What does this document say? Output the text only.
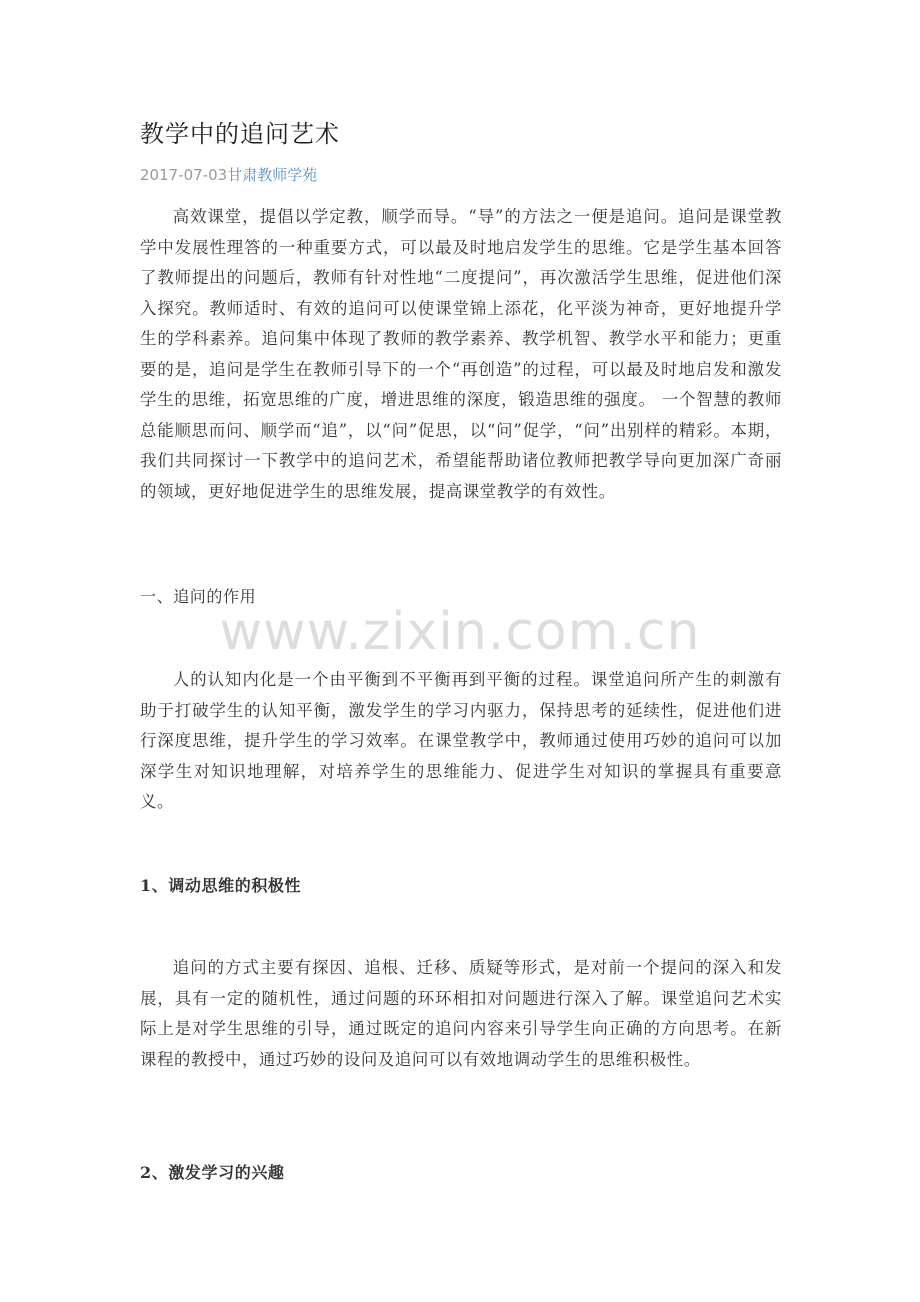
教学中的追问艺术
2017-07-03甘肃教师学苑

高效课堂，提倡以学定教，顺学而导。“导”的方法之一便是追问。追问是课堂教学中发展性理答的一种重要方式，可以最及时地启发学生的思维。它是学生基本回答了教师提出的问题后，教师有针对性地“二度提问”，再次激活学生思维，促进他们深入探究。教师适时、有效的追问可以使课堂锦上添花，化平淡为神奇，更好地提升学生的学科素养。追问集中体现了教师的教学素养、教学机智、教学水平和能力；更重要的是，追问是学生在教师引导下的一个“再创造”的过程，可以最及时地启发和激发学生的思维，拓宽思维的广度，增进思维的深度，锻造思维的强度。 一个智慧的教师总能顺思而问、顺学而“追”，以“问”促思，以“问”促学，“问”出别样的精彩。本期，我们共同探讨一下教学中的追问艺术，希望能帮助诸位教师把教学导向更加深广奇丽的领域，更好地促进学生的思维发展，提高课堂教学的有效性。

一、追问的作用

人的认知内化是一个由平衡到不平衡再到平衡的过程。课堂追问所产生的刺激有助于打破学生的认知平衡，激发学生的学习内驱力，保持思考的延续性，促进他们进行深度思维，提升学生的学习效率。在课堂教学中，教师通过使用巧妙的追问可以加深学生对知识地理解，对培养学生的思维能力、促进学生对知识的掌握具有重要意义。

1、调动思维的积极性

追问的方式主要有探因、追根、迁移、质疑等形式，是对前一个提问的深入和发展，具有一定的随机性，通过问题的环环相扣对问题进行深入了解。课堂追问艺术实际上是对学生思维的引导，通过既定的追问内容来引导学生向正确的方向思考。在新课程的教授中，通过巧妙的设问及追问可以有效地调动学生的思维积极性。

2、激发学习的兴趣
www.zixin.com.cn
